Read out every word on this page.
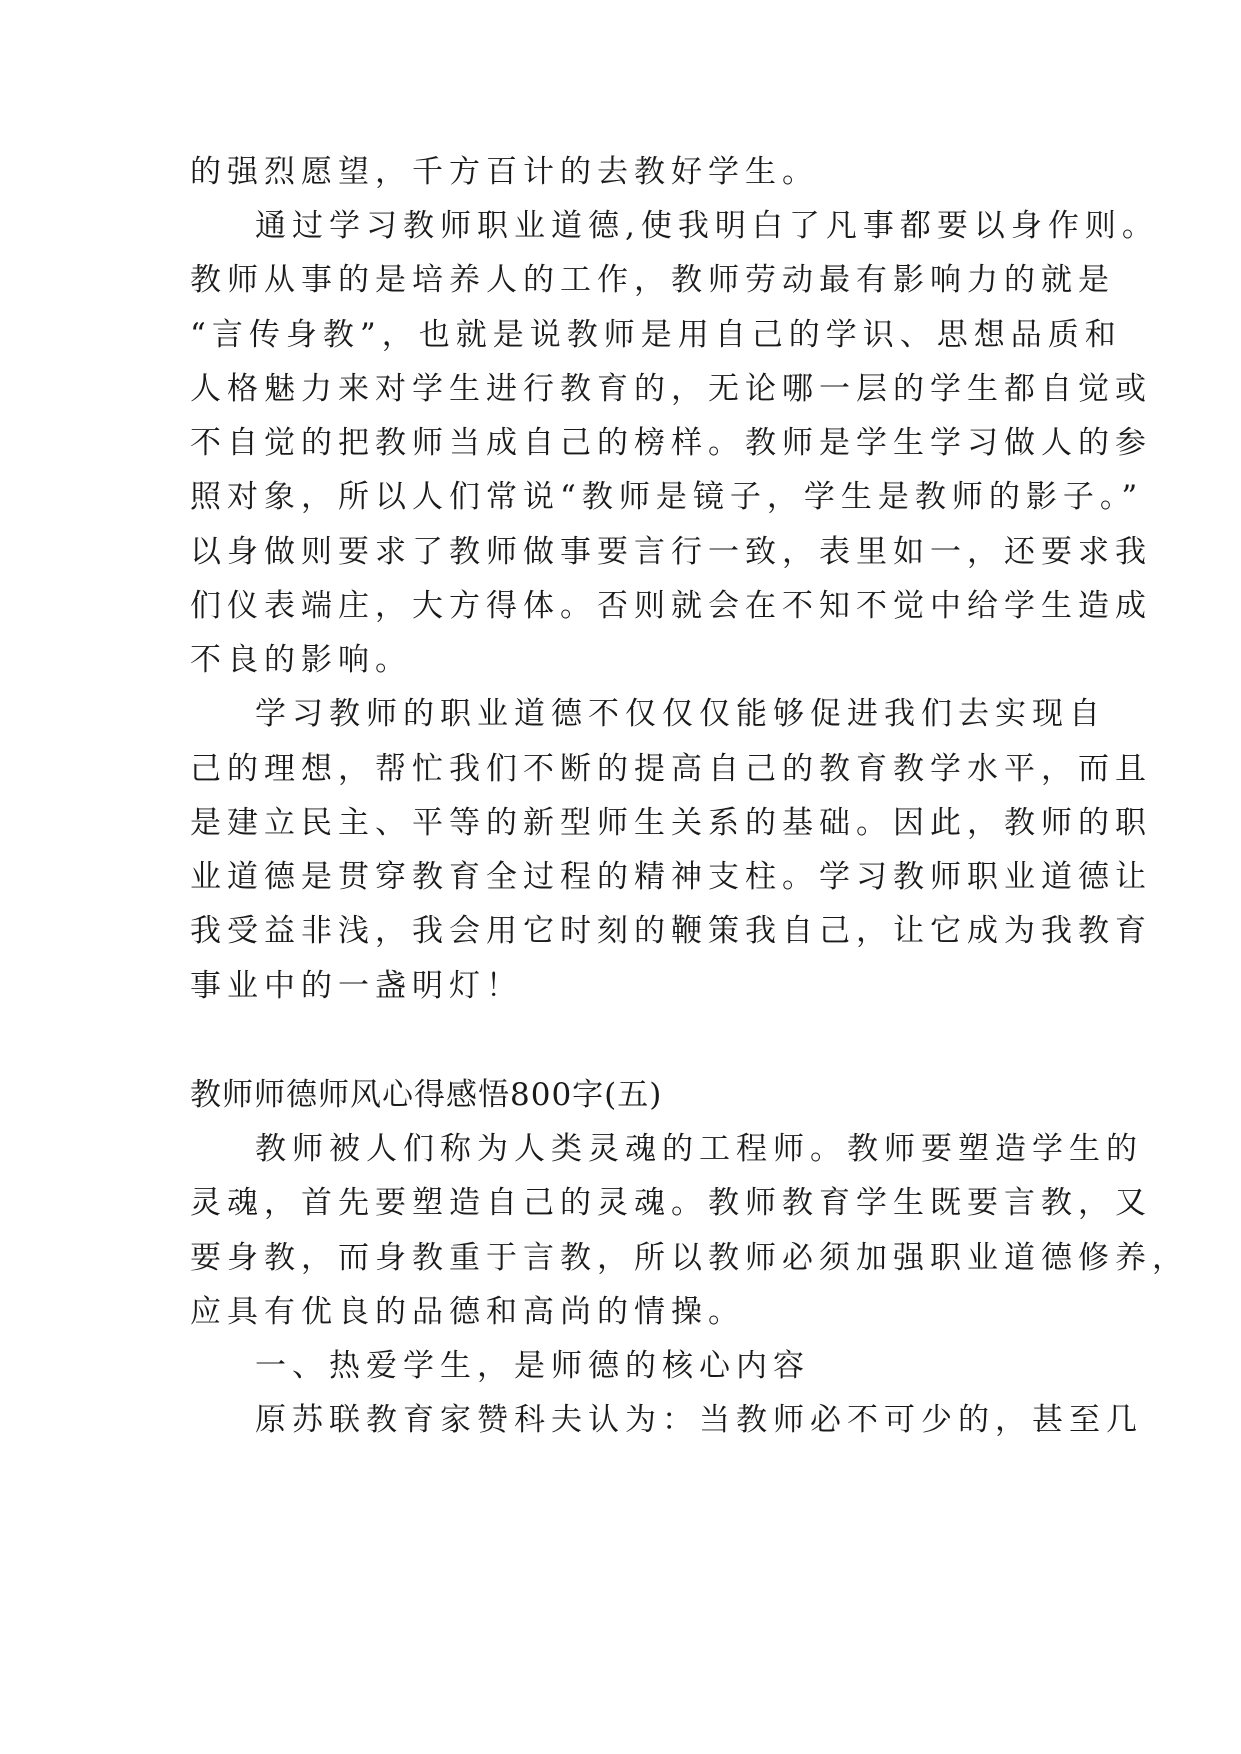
的强烈愿望，千方百计的去教好学生。
通过学习教师职业道德,使我明白了凡事都要以身作则。
教师从事的是培养人的工作，教师劳动最有影响力的就是
“言传身教”，也就是说教师是用自己的学识、思想品质和
人格魅力来对学生进行教育的，无论哪一层的学生都自觉或
不自觉的把教师当成自己的榜样。教师是学生学习做人的参
照对象，所以人们常说“教师是镜子，学生是教师的影子。”
以身做则要求了教师做事要言行一致，表里如一，还要求我
们仪表端庄，大方得体。否则就会在不知不觉中给学生造成
不良的影响。
学习教师的职业道德不仅仅仅能够促进我们去实现自
己的理想，帮忙我们不断的提高自己的教育教学水平，而且
是建立民主、平等的新型师生关系的基础。因此，教师的职
业道德是贯穿教育全过程的精神支柱。学习教师职业道德让
我受益非浅，我会用它时刻的鞭策我自己，让它成为我教育
事业中的一盏明灯！
教师师德师风心得感悟800字(五)
教师被人们称为人类灵魂的工程师。教师要塑造学生的
灵魂，首先要塑造自己的灵魂。教师教育学生既要言教，又
要身教，而身教重于言教，所以教师必须加强职业道德修养，
应具有优良的品德和高尚的情操。
一、热爱学生，是师德的核心内容
原苏联教育家赞科夫认为：当教师必不可少的，甚至几
